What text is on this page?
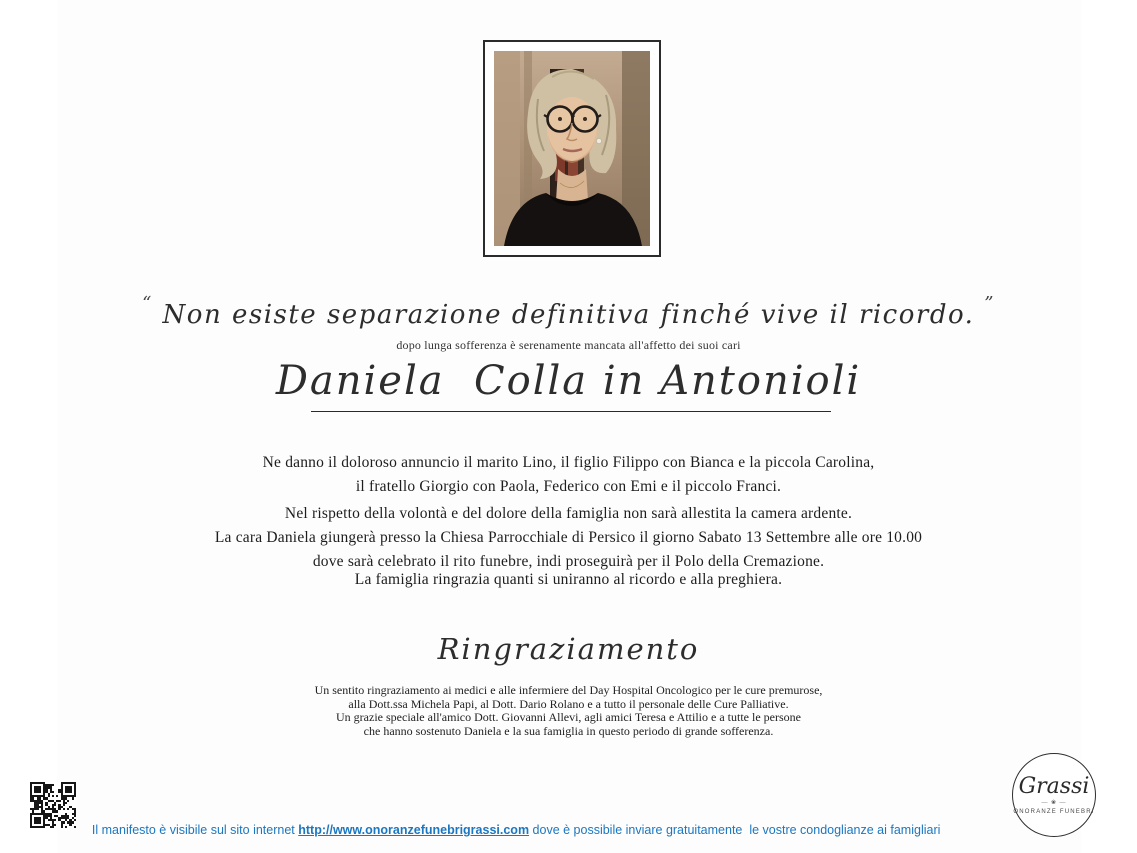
“ Non esiste separazione definitiva finché vive il ricordo. ”
dopo lunga sofferenza è serenamente mancata all'affetto dei suoi cari
Daniela  Colla in Antonioli
Ne danno il doloroso annuncio il marito Lino, il figlio Filippo con Bianca e la piccola Carolina,
il fratello Giorgio con Paola, Federico con Emi e il piccolo Franci.
Nel rispetto della volontà e del dolore della famiglia non sarà allestita la camera ardente.
La cara Daniela giungerà presso la Chiesa Parrocchiale di Persico il giorno Sabato 13 Settembre alle ore 10.00
dove sarà celebrato il rito funebre, indi proseguirà per il Polo della Cremazione.
La famiglia ringrazia quanti si uniranno al ricordo e alla preghiera.
Ringraziamento
Un sentito ringraziamento ai medici e alle infermiere del Day Hospital Oncologico per le cure premurose,
alla Dott.ssa Michela Papi, al Dott. Dario Rolano e a tutto il personale delle Cure Palliative.
Un grazie speciale all'amico Dott. Giovanni Allevi, agli amici Teresa e Attilio e a tutte le persone
che hanno sostenuto Daniela e la sua famiglia in questo periodo di grande sofferenza.

Il manifesto è visibile sul sito internet http://www.onoranzefunebrigrassi.com dove è possibile inviare gratuitamente  le vostre condoglianze ai famigliari

Grassi
— ❀ —
ONORANZE FUNEBRI
